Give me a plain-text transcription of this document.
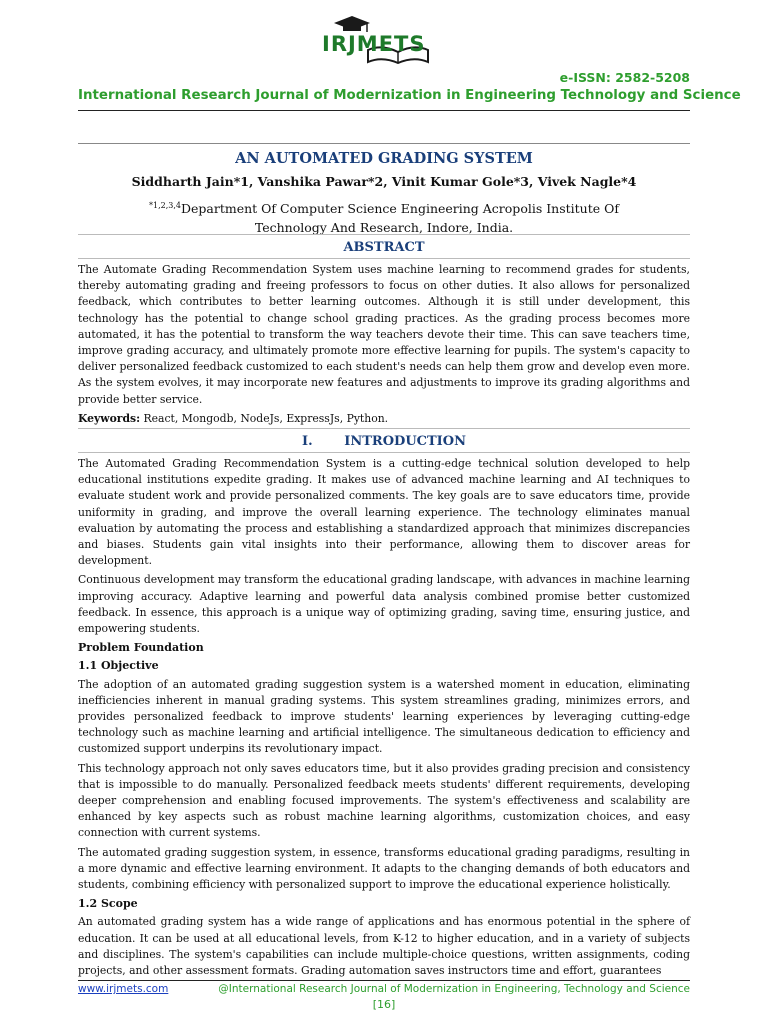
IRJMETS
e-ISSN: 2582-5208
International Research Journal of Modernization in Engineering Technology and Science
AN AUTOMATED GRADING SYSTEM
Siddharth Jain*1, Vanshika Pawar*2, Vinit Kumar Gole*3, Vivek Nagle*4
$^{*1,2,3,4}$Department Of Computer Science Engineering Acropolis Institute Of
Technology And Research, Indore, India.
ABSTRACT

The Automate Grading Recommendation System uses machine learning to recommend grades for students, thereby automating grading and freeing professors to focus on other duties. It also allows for personalized feedback, which contributes to better learning outcomes. Although it is still under development, this technology has the potential to change school grading practices. As the grading process becomes more automated, it has the potential to transform the way teachers devote their time. This can save teachers time, improve grading accuracy, and ultimately promote more effective learning for pupils. The system's capacity to deliver personalized feedback customized to each student's needs can help them grow and develop even more. As the system evolves, it may incorporate new features and adjustments to improve its grading algorithms and provide better service.

Keywords: React, Mongodb, NodeJs, ExpressJs, Python.

I.       INTRODUCTION

The Automated Grading Recommendation System is a cutting-edge technical solution developed to help educational institutions expedite grading. It makes use of advanced machine learning and AI techniques to evaluate student work and provide personalized comments. The key goals are to save educators time, provide uniformity in grading, and improve the overall learning experience. The technology eliminates manual evaluation by automating the process and establishing a standardized approach that minimizes discrepancies and biases. Students gain vital insights into their performance, allowing them to discover areas for development.

Continuous development may transform the educational grading landscape, with advances in machine learning improving accuracy. Adaptive learning and powerful data analysis combined promise better customized feedback. In essence, this approach is a unique way of optimizing grading, saving time, ensuring justice, and empowering students.

Problem Foundation
1.1 Objective

The adoption of an automated grading suggestion system is a watershed moment in education, eliminating inefficiencies inherent in manual grading systems. This system streamlines grading, minimizes errors, and provides personalized feedback to improve students' learning experiences by leveraging cutting-edge technology such as machine learning and artificial intelligence. The simultaneous dedication to efficiency and customized support underpins its revolutionary impact.

This technology approach not only saves educators time, but it also provides grading precision and consistency that is impossible to do manually. Personalized feedback meets students' different requirements, developing deeper comprehension and enabling focused improvements. The system's effectiveness and scalability are enhanced by key aspects such as robust machine learning algorithms, customization choices, and easy connection with current systems.

The automated grading suggestion system, in essence, transforms educational grading paradigms, resulting in a more dynamic and effective learning environment. It adapts to the changing demands of both educators and students, combining efficiency with personalized support to improve the educational experience holistically.

1.2 Scope

An automated grading system has a wide range of applications and has enormous potential in the sphere of education. It can be used at all educational levels, from K-12 to higher education, and in a variety of subjects and disciplines. The system's capabilities can include multiple-choice questions, written assignments, coding projects, and other assessment formats. Grading automation saves instructors time and effort, guarantees

www.irjmets.com	@International Research Journal of Modernization in Engineering, Technology and Science
[16]
